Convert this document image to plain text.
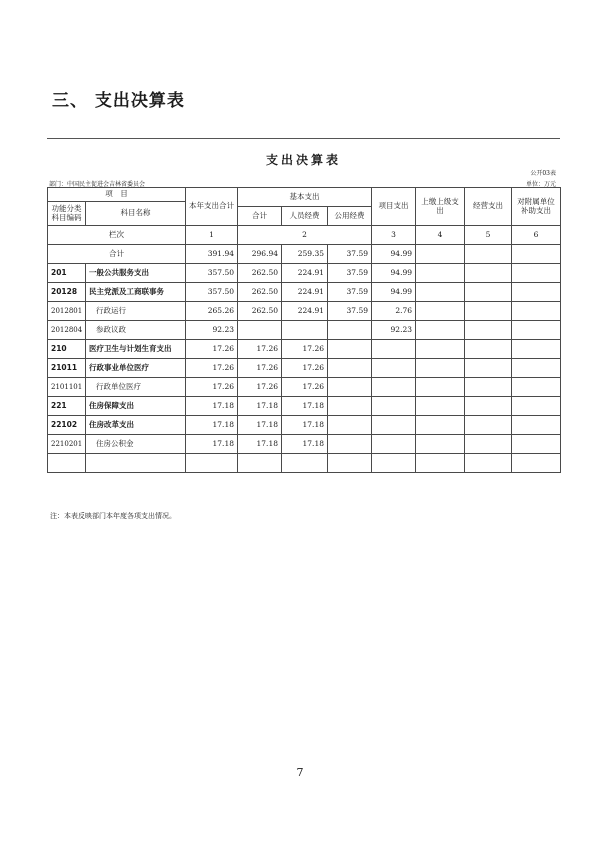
三、 支出决算表
支出决算表
公开03表
部门：中国民主促进会吉林省委员会	单位：万元
项　目		本年支出合计	基本支出			项目支出	上缴上级支出	经营支出	对附属单位补助支出
功能分类科目编码	科目名称								
			合计	人员经费	公用经费				
栏次		1	2			3	4	5	6
合计		391.94	296.94	259.35	37.59	94.99			
201	一般公共服务支出	357.50	262.50	224.91	37.59	94.99			
20128	民主党派及工商联事务	357.50	262.50	224.91	37.59	94.99			
2012801	行政运行	265.26	262.50	224.91	37.59	2.76			
2012804	参政议政	92.23				92.23			
210	医疗卫生与计划生育支出	17.26	17.26	17.26					
21011	行政事业单位医疗	17.26	17.26	17.26					
2101101	行政单位医疗	17.26	17.26	17.26					
221	住房保障支出	17.18	17.18	17.18					
22102	住房改革支出	17.18	17.18	17.18					
2210201	住房公积金	17.18	17.18	17.18					

注：本表反映部门本年度各项支出情况。
7
